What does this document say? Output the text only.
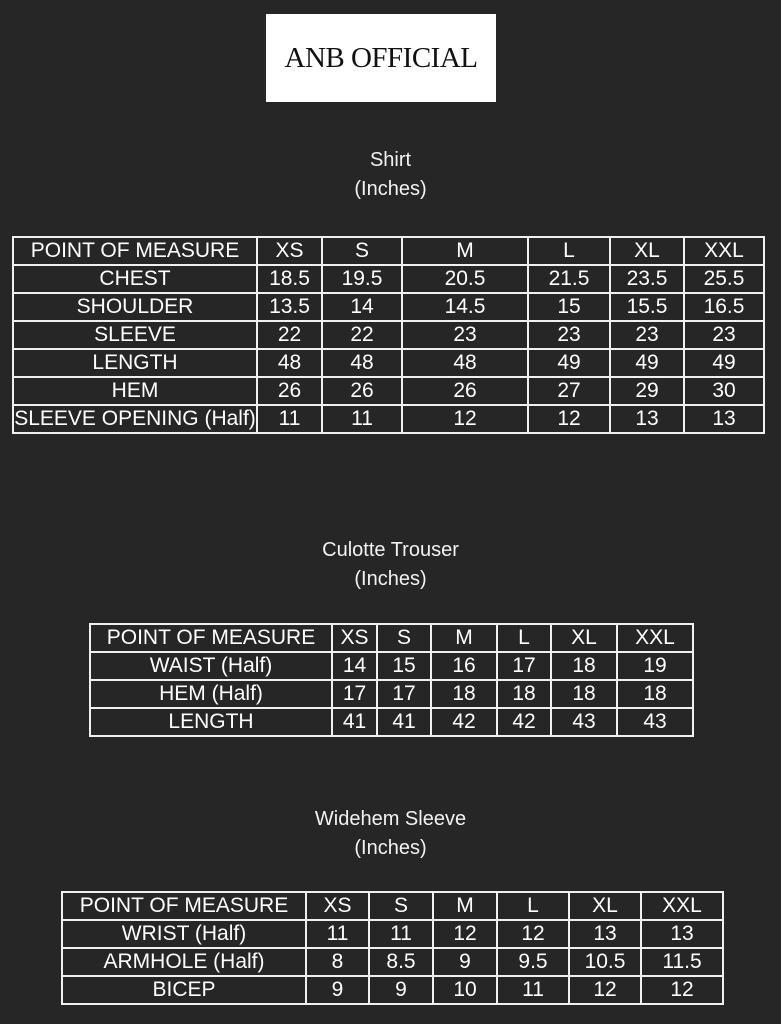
ANB OFFICIAL
Shirt
(Inches)
POINT OF MEASURE	XS	S	M	L	XL	XXL
CHEST	18.5	19.5	20.5	21.5	23.5	25.5
SHOULDER	13.5	14	14.5	15	15.5	16.5
SLEEVE	22	22	23	23	23	23
LENGTH	48	48	48	49	49	49
HEM	26	26	26	27	29	30
SLEEVE OPENING (Half)	11	11	12	12	13	13
Culotte Trouser
(Inches)
POINT OF MEASURE	XS	S	M	L	XL	XXL
WAIST (Half)	14	15	16	17	18	19
HEM (Half)	17	17	18	18	18	18
LENGTH	41	41	42	42	43	43
Widehem Sleeve
(Inches)
POINT OF MEASURE	XS	S	M	L	XL	XXL
WRIST (Half)	11	11	12	12	13	13
ARMHOLE (Half)	8	8.5	9	9.5	10.5	11.5
BICEP	9	9	10	11	12	12
